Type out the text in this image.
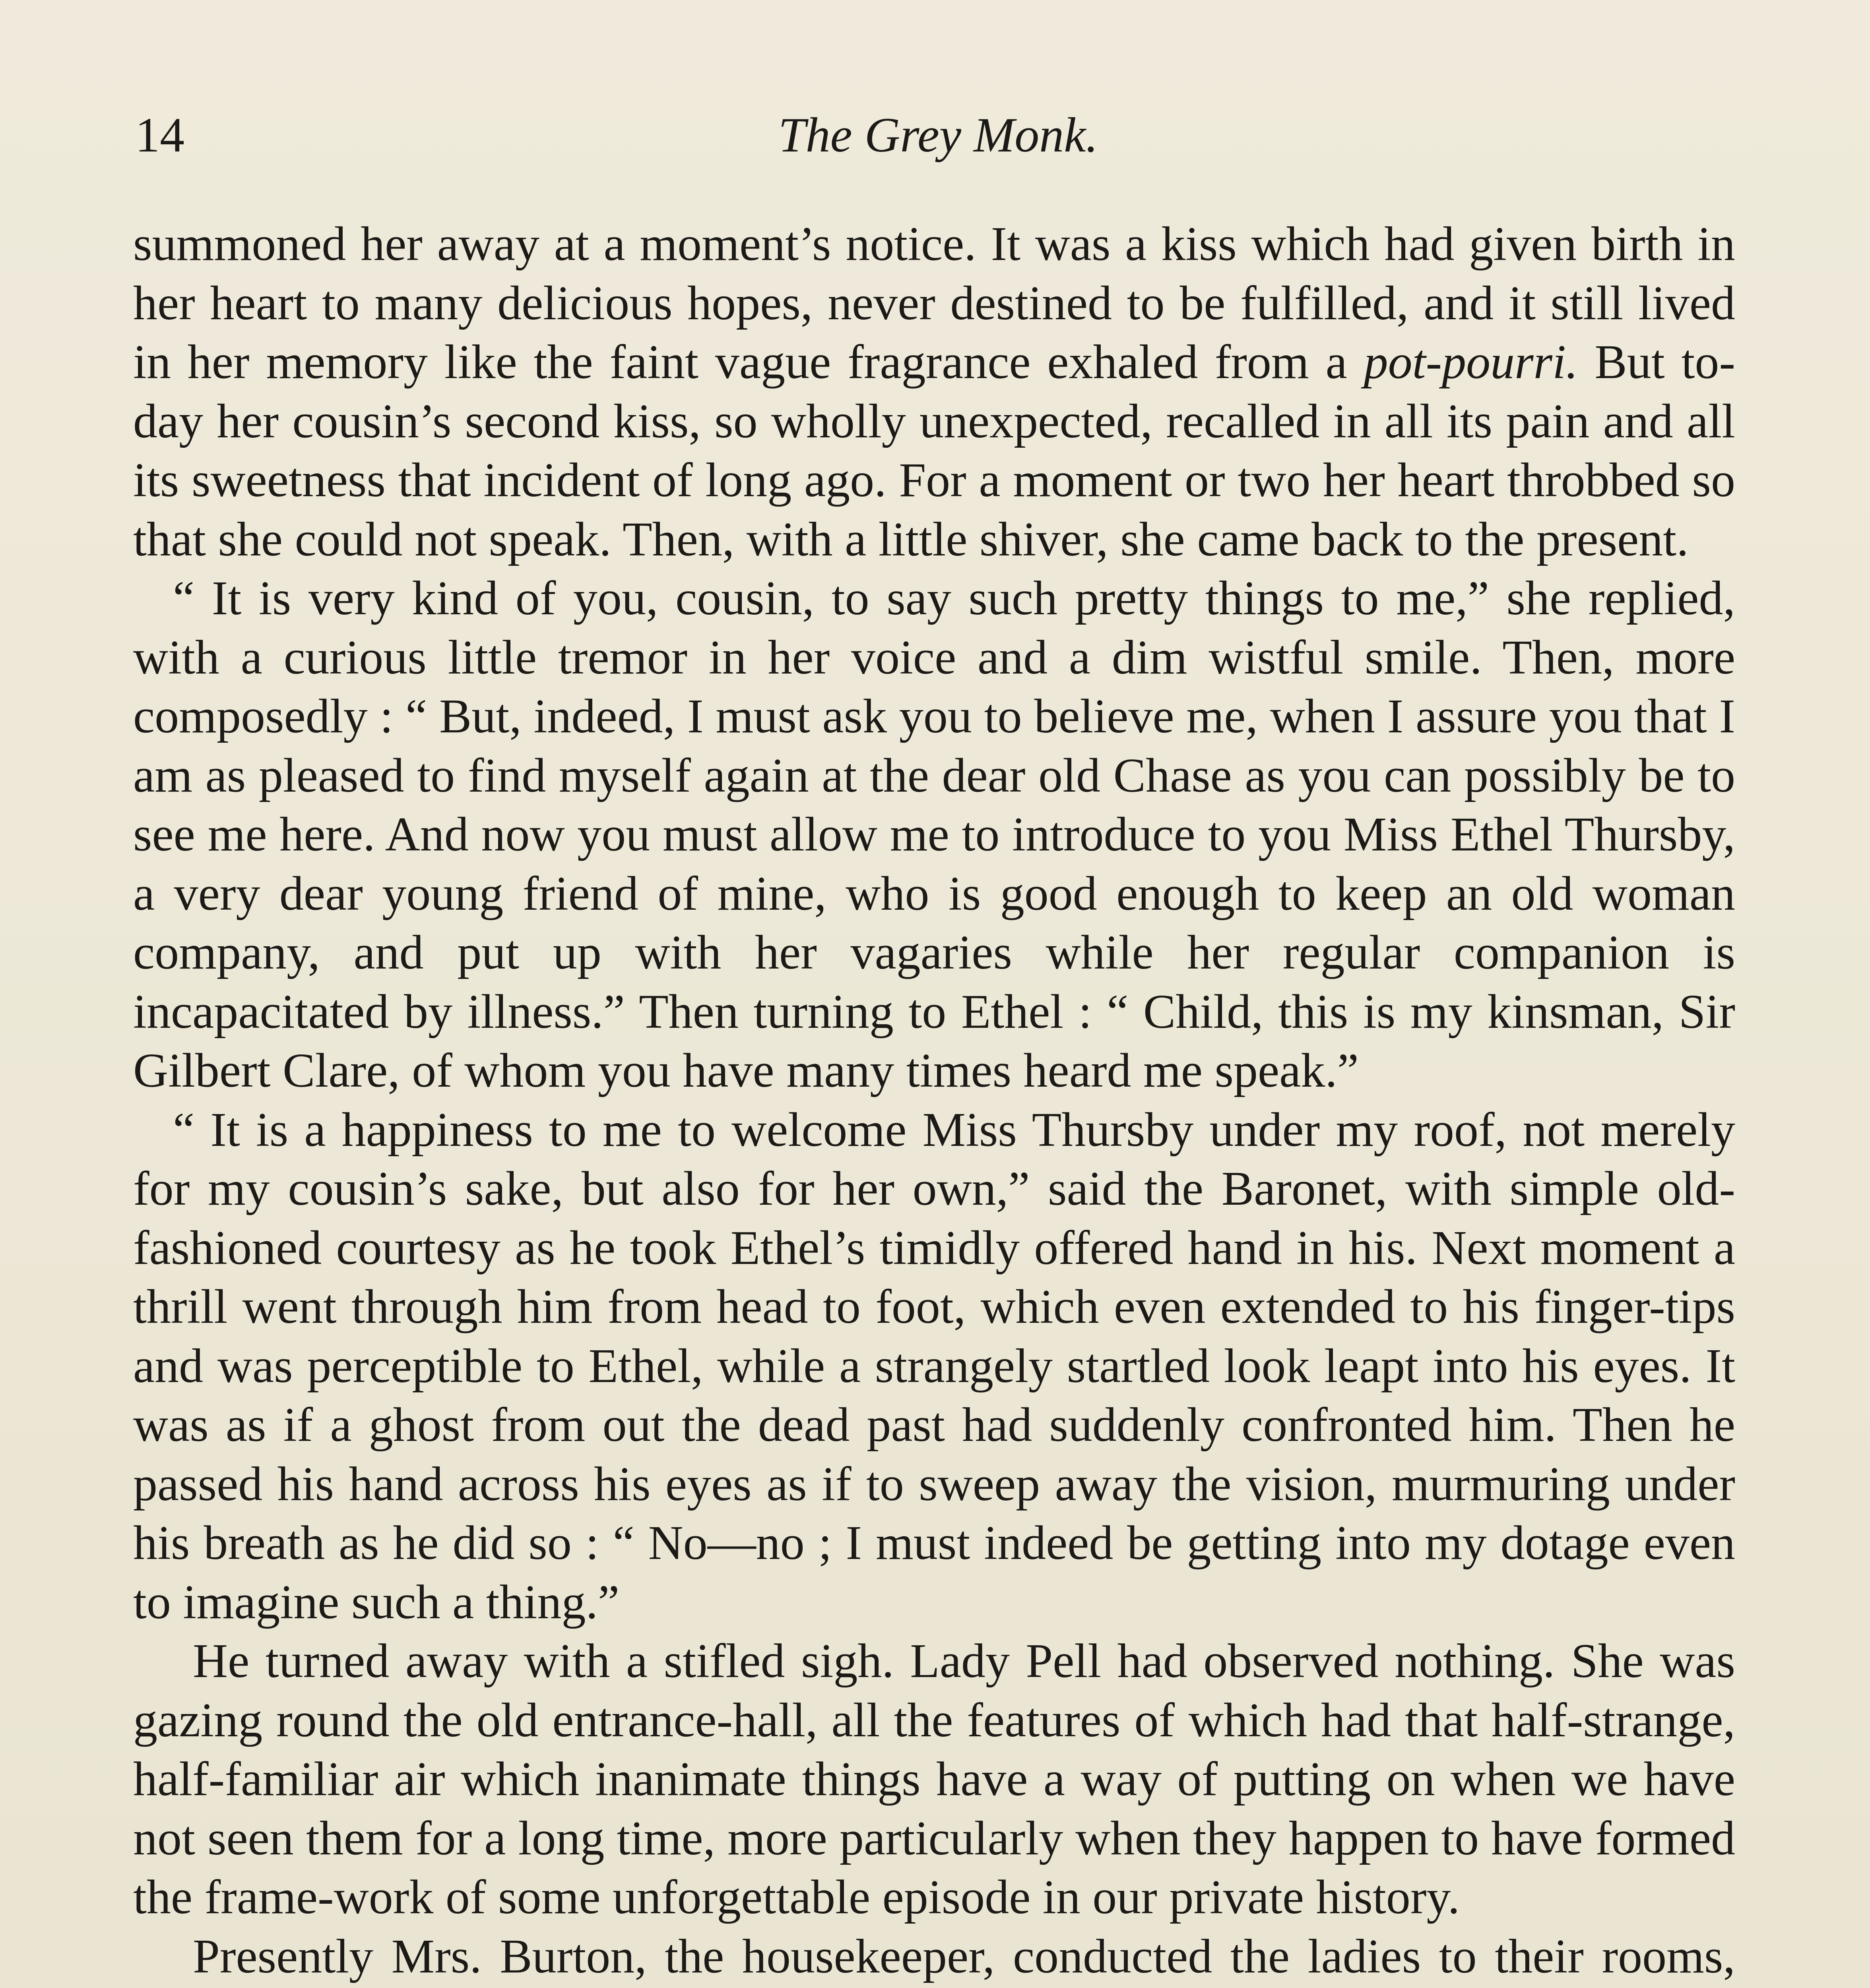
14	The Grey Monk.

summoned her away at a moment’s notice. It was a kiss which had given birth in her heart to many delicious hopes, never destined to be fulfilled, and it still lived in her memory like the faint vague fragrance exhaled from a pot-pourri. But to-day her cousin’s second kiss, so wholly unexpected, recalled in all its pain and all its sweetness that incident of long ago. For a moment or two her heart throbbed so that she could not speak. Then, with a little shiver, she came back to the present.

“ It is very kind of you, cousin, to say such pretty things to me,” she replied, with a curious little tremor in her voice and a dim wistful smile. Then, more composedly : “ But, indeed, I must ask you to believe me, when I assure you that I am as pleased to find myself again at the dear old Chase as you can possibly be to see me here. And now you must allow me to introduce to you Miss Ethel Thursby, a very dear young friend of mine, who is good enough to keep an old woman company, and put up with her vagaries while her regular companion is incapacitated by illness.” Then turning to Ethel : “ Child, this is my kinsman, Sir Gilbert Clare, of whom you have many times heard me speak.”

“ It is a happiness to me to welcome Miss Thursby under my roof, not merely for my cousin’s sake, but also for her own,” said the Baronet, with simple old-fashioned courtesy as he took Ethel’s timidly offered hand in his. Next moment a thrill went through him from head to foot, which even extended to his finger-tips and was perceptible to Ethel, while a strangely startled look leapt into his eyes. It was as if a ghost from out the dead past had suddenly confronted him. Then he passed his hand across his eyes as if to sweep away the vision, murmuring under his breath as he did so : “ No—no ; I must indeed be getting into my dotage even to imagine such a thing.”

He turned away with a stifled sigh. Lady Pell had observed nothing. She was gazing round the old entrance-hall, all the features of which had that half-strange, half-familiar air which inanimate things have a way of putting on when we have not seen them for a long time, more particularly when they happen to have formed the frame-work of some unforgettable episode in our private history.

Presently Mrs. Burton, the housekeeper, conducted the ladies to their rooms,
